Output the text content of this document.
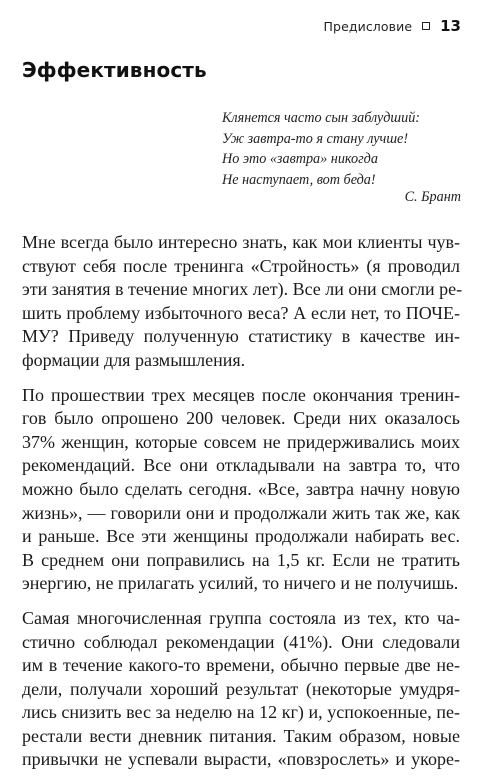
Предисловие 13
Эффективность
Клянется часто сын заблудший:
Уж завтра-то я стану лучше!
Но это «завтра» никогда
Не наступает, вот беда!
С. Брант

Мне всегда было интересно знать, как мои клиенты чув-
ствуют себя после тренинга «Стройность» (я проводил
эти занятия в течение многих лет). Все ли они смогли ре-
шить проблему избыточного веса? А если нет, то ПОЧЕ-
МУ? Приведу полученную статистику в качестве ин-
формации для размышления.

По прошествии трех месяцев после окончания тренин-
гов было опрошено 200 человек. Среди них оказалось
37% женщин, которые совсем не придерживались моих
рекомендаций. Все они откладывали на завтра то, что
можно было сделать сегодня. «Все, завтра начну новую
жизнь», — говорили они и продолжали жить так же, как
и раньше. Все эти женщины продолжали набирать вес.
В среднем они поправились на 1,5 кг. Если не тратить
энергию, не прилагать усилий, то ничего и не получишь.

Самая многочисленная группа состояла из тех, кто ча-
стично соблюдал рекомендации (41%). Они следовали
им в течение какого-то времени, обычно первые две не-
дели, получали хороший результат (некоторые умудря-
лись снизить вес за неделю на 12 кг) и, успокоенные, пе-
рестали вести дневник питания. Таким образом, новые
привычки не успевали вырасти, «повзрослеть» и укоре-
